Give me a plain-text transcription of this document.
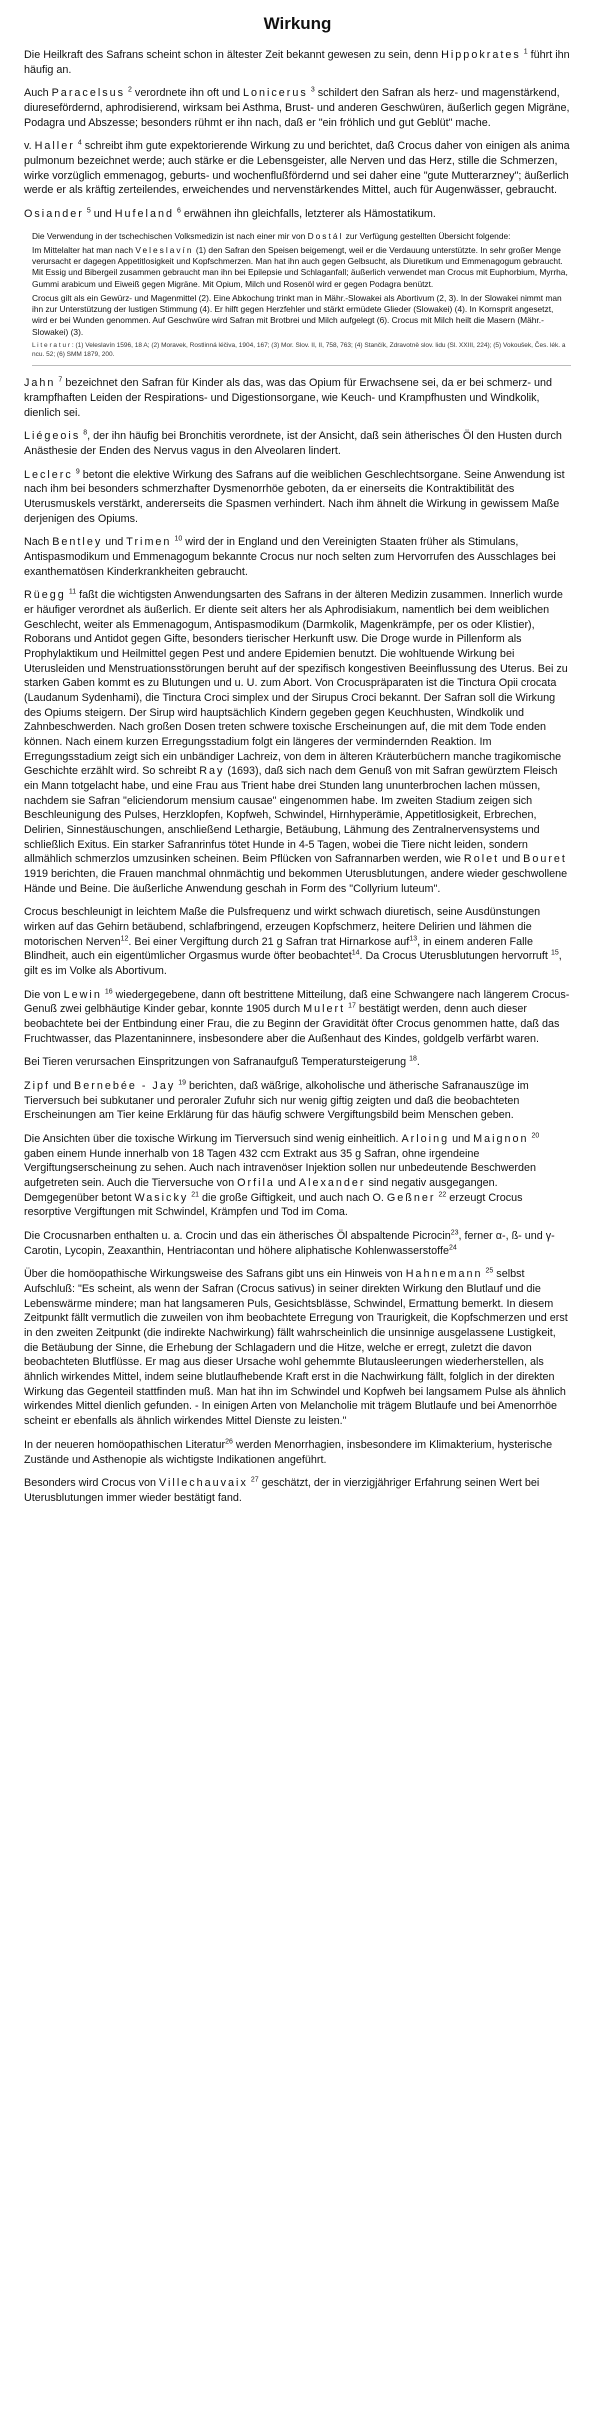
Wirkung

Die Heilkraft des Safrans scheint schon in ältester Zeit bekannt gewesen zu sein, denn Hippokrates $^1$ führt ihn häufig an.

Auch Paracelsus $^2$ verordnete ihn oft und Lonicerus $^3$ schildert den Safran als herz- und magenstärkend, diuresefördernd, aphrodisierend, wirksam bei Asthma, Brust- und anderen Geschwüren, äußerlich gegen Migräne, Podagra und Abszesse; besonders rühmt er ihn nach, daß er "ein fröhlich und gut Geblüt" mache.

v. Haller $^4$ schreibt ihm gute expektorierende Wirkung zu und berichtet, daß Crocus daher von einigen als anima pulmonum bezeichnet werde; auch stärke er die Lebensgeister, alle Nerven und das Herz, stille die Schmerzen, wirke vorzüglich emmenagog, geburts- und wochenflußfördernd und sei daher eine "gute Mutterarzney"; äußerlich werde er als kräftig zerteilendes, erweichendes und nervenstärkendes Mittel, auch für Augenwässer, gebraucht.

Osiander $^5$ und Hufeland $^6$ erwähnen ihn gleichfalls, letzterer als Hämostatikum.

Die Verwendung in der tschechischen Volksmedizin ist nach einer mir von Dostál zur Verfügung gestellten Übersicht folgende:

Im Mittelalter hat man nach Veleslavín (1) den Safran den Speisen beigemengt, weil er die Verdauung unterstützte. In sehr großer Menge verursacht er dagegen Appetitlosigkeit und Kopfschmerzen. Man hat ihn auch gegen Gelbsucht, als Diuretikum und Emmenagogum gebraucht. Mit Essig und Bibergeil zusammen gebraucht man ihn bei Epilepsie und Schlaganfall; äußerlich verwendet man Crocus mit Euphorbium, Myrrha, Gummi arabicum und Eiweiß gegen Migräne. Mit Opium, Milch und Rosenöl wird er gegen Podagra benützt.

Crocus gilt als ein Gewürz- und Magenmittel (2). Eine Abkochung trinkt man in Mähr.-Slowakei als Abortivum (2, 3). In der Slowakei nimmt man ihn zur Unterstützung der lustigen Stimmung (4). Er hilft gegen Herzfehler und stärkt ermüdete Glieder (Slowakei) (4). In Kornsprit angesetzt, wird er bei Wunden genommen. Auf Geschwüre wird Safran mit Brotbrei und Milch aufgelegt (6). Crocus mit Milch heilt die Masern (Mähr.-Slowakei) (3).

L i t e r a t u r : (1) Veleslavín 1596, 18 A; (2) Moravek, Rostlinná léčiva, 1904, 167; (3) Mor. Slov. II, II, 758, 763; (4) Stančík, Zdravotně slov. lidu (Sl. XXIII, 224); (5) Vokoušek, Čes. lék. a ncu. 52; (6) SMM 1879, 200.

Jahn $^7$ bezeichnet den Safran für Kinder als das, was das Opium für Erwachsene sei, da er bei schmerz- und krampfhaften Leiden der Respirations- und Digestionsorgane, wie Keuch- und Krampfhusten und Windkolik, dienlich sei.

Liégeois $^8$, der ihn häufig bei Bronchitis verordnete, ist der Ansicht, daß sein ätherisches Öl den Husten durch Anästhesie der Enden des Nervus vagus in den Alveolaren lindert.

Leclerc $^9$ betont die elektive Wirkung des Safrans auf die weiblichen Geschlechtsorgane. Seine Anwendung ist nach ihm bei besonders schmerzhafter Dysmenorrhöe geboten, da er einerseits die Kontraktibilität des Uterusmuskels verstärkt, andererseits die Spasmen verhindert. Nach ihm ähnelt die Wirkung in gewissem Maße derjenigen des Opiums.

Nach Bentley und Trimen $^{10}$ wird der in England und den Vereinigten Staaten früher als Stimulans, Antispasmodikum und Emmenagogum bekannte Crocus nur noch selten zum Hervorrufen des Ausschlages bei exanthematösen Kinderkrankheiten gebraucht.

Rüegg $^{11}$ faßt die wichtigsten Anwendungsarten des Safrans in der älteren Medizin zusammen. Innerlich wurde er häufiger verordnet als äußerlich. Er diente seit alters her als Aphrodisiakum, namentlich bei dem weiblichen Geschlecht, weiter als Emmenagogum, Antispasmodikum (Darmkolik, Magenkrämpfe, per os oder Klistier), Roborans und Antidot gegen Gifte, besonders tierischer Herkunft usw. Die Droge wurde in Pillenform als Prophylaktikum und Heilmittel gegen Pest und andere Epidemien benutzt. Die wohltuende Wirkung bei Uterusleiden und Menstruationsstörungen beruht auf der spezifisch kongestiven Beeinflussung des Uterus. Bei zu starken Gaben kommt es zu Blutungen und u. U. zum Abort. Von Crocuspräparaten ist die Tinctura Opii crocata (Laudanum Sydenhami), die Tinctura Croci simplex und der Sirupus Croci bekannt. Der Safran soll die Wirkung des Opiums steigern. Der Sirup wird hauptsächlich Kindern gegeben gegen Keuchhusten, Windkolik und Zahnbeschwerden. Nach großen Dosen treten schwere toxische Erscheinungen auf, die mit dem Tode enden können. Nach einem kurzen Erregungsstadium folgt ein längeres der vermindernden Reaktion. Im Erregungsstadium zeigt sich ein unbändiger Lachreiz, von dem in älteren Kräuterbüchern manche tragikomische Geschichte erzählt wird. So schreibt Ray (1693), daß sich nach dem Genuß von mit Safran gewürztem Fleisch ein Mann totgelacht habe, und eine Frau aus Trient habe drei Stunden lang ununterbrochen lachen müssen, nachdem sie Safran "eliciendorum mensium causae" eingenommen habe. Im zweiten Stadium zeigen sich Beschleunigung des Pulses, Herzklopfen, Kopfweh, Schwindel, Hirnhyperämie, Appetitlosigkeit, Erbrechen, Delirien, Sinnestäuschungen, anschließend Lethargie, Betäubung, Lähmung des Zentralnervensystems und schließlich Exitus. Ein starker Safranrinfus tötet Hunde in 4-5 Tagen, wobei die Tiere nicht leiden, sondern allmählich schmerzlos umzusinken scheinen. Beim Pflücken von Safrannarben werden, wie Rolet und Bouret 1919 berichten, die Frauen manchmal ohnmächtig und bekommen Uterusblutungen, andere wieder geschwollene Hände und Beine. Die äußerliche Anwendung geschah in Form des "Collyrium luteum".

Crocus beschleunigt in leichtem Maße die Pulsfrequenz und wirkt schwach diuretisch, seine Ausdünstungen wirken auf das Gehirn betäubend, schlafbringend, erzeugen Kopfschmerz, heitere Delirien und lähmen die motorischen Nerven$^{12}$. Bei einer Vergiftung durch 21 g Safran trat Hirnarkose auf$^{13}$, in einem anderen Falle Blindheit, auch ein eigentümlicher Orgasmus wurde öfter beobachtet$^{14}$. Da Crocus Uterusblutungen hervorruft $^{15}$, gilt es im Volke als Abortivum.

Die von Lewin $^{16}$ wiedergegebene, dann oft bestrittene Mitteilung, daß eine Schwangere nach längerem Crocus-Genuß zwei gelbhäutige Kinder gebar, konnte 1905 durch Mulert $^{17}$ bestätigt werden, denn auch dieser beobachtete bei der Entbindung einer Frau, die zu Beginn der Gravidität öfter Crocus genommen hatte, daß das Fruchtwasser, das Plazentaninnere, insbesondere aber die Außenhaut des Kindes, goldgelb verfärbt waren.

Bei Tieren verursachen Einspritzungen von Safranaufguß Temperatursteigerung $^{18}$.

Zipf und Bernebée - Jay $^{19}$ berichten, daß wäßrige, alkoholische und ätherische Safranauszüge im Tierversuch bei subkutaner und peroraler Zufuhr sich nur wenig giftig zeigten und daß die beobachteten Erscheinungen am Tier keine Erklärung für das häufig schwere Vergiftungsbild beim Menschen geben.

Die Ansichten über die toxische Wirkung im Tierversuch sind wenig einheitlich. Arloing und Maignon $^{20}$ gaben einem Hunde innerhalb von 18 Tagen 432 ccm Extrakt aus 35 g Safran, ohne irgendeine Vergiftungserscheinung zu sehen. Auch nach intravenöser Injektion sollen nur unbedeutende Beschwerden aufgetreten sein. Auch die Tierversuche von Orfila und Alexander sind negativ ausgegangen. Demgegenüber betont Wasicky $^{21}$ die große Giftigkeit, und auch nach O. Geßner $^{22}$ erzeugt Crocus resorptive Vergiftungen mit Schwindel, Krämpfen und Tod im Coma.

Die Crocusnarben enthalten u. a. Crocin und das ein ätherisches Öl abspaltende Picrocin$^{23}$, ferner α-, ß- und γ-Carotin, Lycopin, Zeaxanthin, Hentriacontan und höhere aliphatische Kohlenwasserstoffe$^{24}$

Über die homöopathische Wirkungsweise des Safrans gibt uns ein Hinweis von Hahnemann $^{25}$ selbst Aufschluß: "Es scheint, als wenn der Safran (Crocus sativus) in seiner direkten Wirkung den Blutlauf und die Lebenswärme mindere; man hat langsameren Puls, Gesichtsblässe, Schwindel, Ermattung bemerkt. In diesem Zeitpunkt fällt vermutlich die zuweilen von ihm beobachtete Erregung von Traurigkeit, die Kopfschmerzen und erst in den zweiten Zeitpunkt (die indirekte Nachwirkung) fällt wahrscheinlich die unsinnige ausgelassene Lustigkeit, die Betäubung der Sinne, die Erhebung der Schlagadern und die Hitze, welche er erregt, zuletzt die davon beobachteten Blutflüsse. Er mag aus dieser Ursache wohl gehemmte Blutausleerungen wiederherstellen, als ähnlich wirkendes Mittel, indem seine blutlaufhebende Kraft erst in die Nachwirkung fällt, folglich in der direkten Wirkung das Gegenteil stattfinden muß. Man hat ihn im Schwindel und Kopfweh bei langsamem Pulse als ähnlich wirkendes Mittel dienlich gefunden. - In einigen Arten von Melancholie mit trägem Blutlaufe und bei Amenorrhöe scheint er ebenfalls als ähnlich wirkendes Mittel Dienste zu leisten."

In der neueren homöopathischen Literatur$^{26}$ werden Menorrhagien, insbesondere im Klimakterium, hysterische Zustände und Asthenopie als wichtigste Indikationen angeführt.

Besonders wird Crocus von Villechauvaix $^{27}$ geschätzt, der in vierzigjähriger Erfahrung seinen Wert bei Uterusblutungen immer wieder bestätigt fand.
